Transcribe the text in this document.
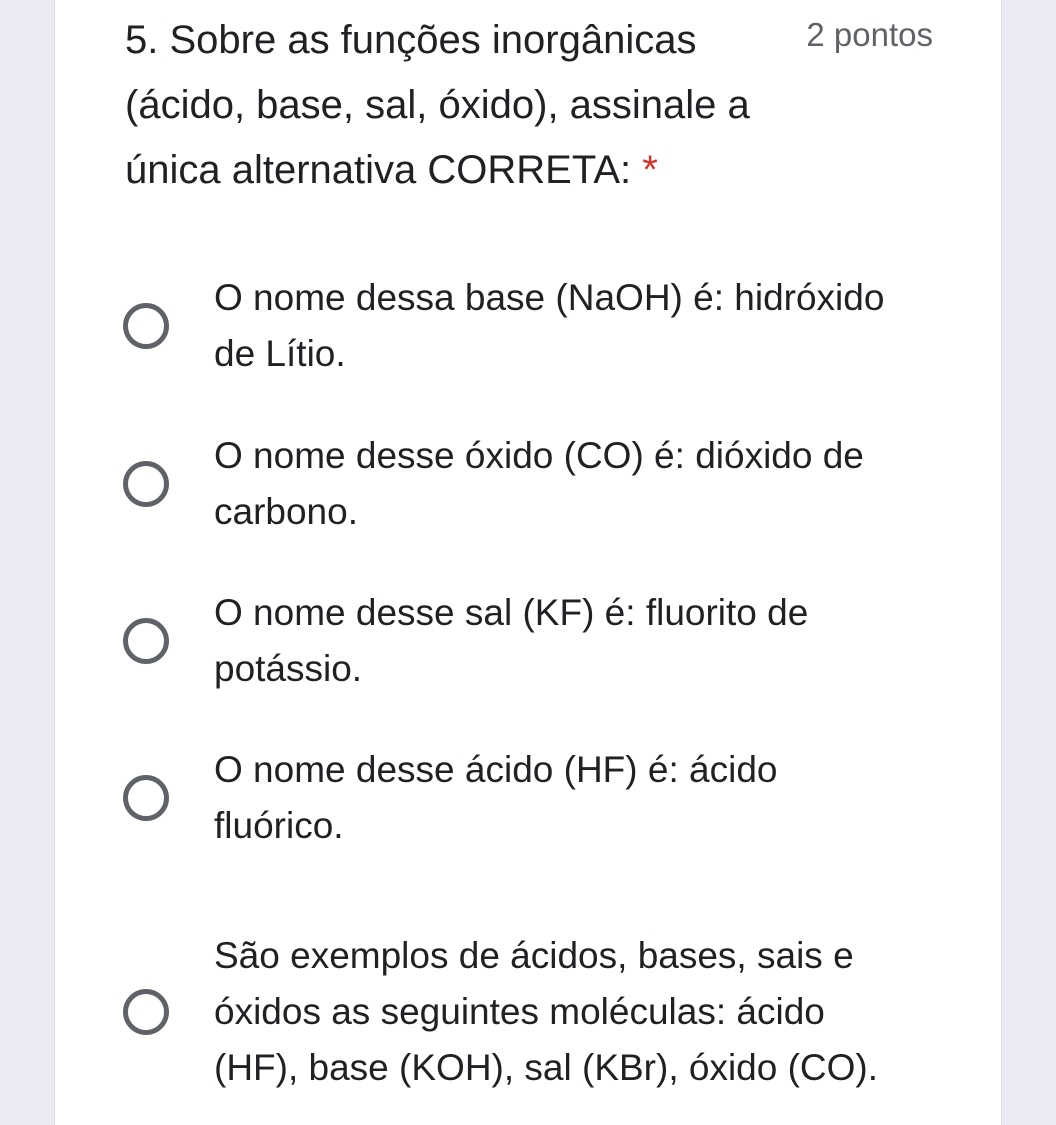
5. Sobre as funções inorgânicas (ácido, base, sal, óxido), assinale a única alternativa CORRETA: *
2 pontos
O nome dessa base (NaOH) é: hidróxido de Lítio.
O nome desse óxido (CO) é: dióxido de carbono.
O nome desse sal (KF) é: fluorito de potássio.
O nome desse ácido (HF) é: ácido fluórico.
São exemplos de ácidos, bases, sais e óxidos as seguintes moléculas: ácido (HF), base (KOH), sal (KBr), óxido (CO).
